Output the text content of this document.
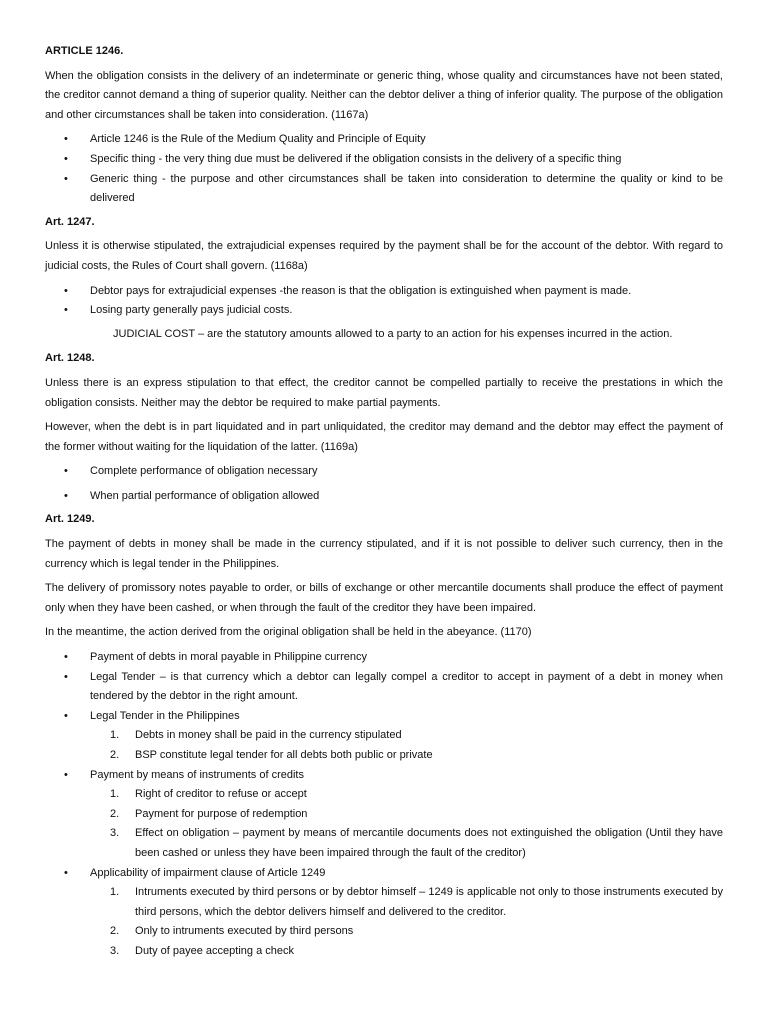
ARTICLE 1246.

When the obligation consists in the delivery of an indeterminate or generic thing, whose quality and circumstances have not been stated, the creditor cannot demand a thing of superior quality. Neither can the debtor deliver a thing of inferior quality. The purpose of the obligation and other circumstances shall be taken into consideration. (1167a)

• Article 1246 is the Rule of the Medium Quality and Principle of Equity
• Specific thing - the very thing due must be delivered if the obligation consists in the delivery of a specific thing
• Generic thing - the purpose and other circumstances shall be taken into consideration to determine the quality or kind to be delivered
Art. 1247.

Unless it is otherwise stipulated, the extrajudicial expenses required by the payment shall be for the account of the debtor. With regard to judicial costs, the Rules of Court shall govern. (1168a)

• Debtor pays for extrajudicial expenses -the reason is that the obligation is extinguished when payment is made.
• Losing party generally pays judicial costs.

JUDICIAL COST – are the statutory amounts allowed to a party to an action for his expenses incurred in the action.

Art. 1248.

Unless there is an express stipulation to that effect, the creditor cannot be compelled partially to receive the prestations in which the obligation consists. Neither may the debtor be required to make partial payments.

However, when the debt is in part liquidated and in part unliquidated, the creditor may demand and the debtor may effect the payment of the former without waiting for the liquidation of the latter. (1169a)

• Complete performance of obligation necessary
• When partial performance of obligation allowed
Art. 1249.

The payment of debts in money shall be made in the currency stipulated, and if it is not possible to deliver such currency, then in the currency which is legal tender in the Philippines.

The delivery of promissory notes payable to order, or bills of exchange or other mercantile documents shall produce the effect of payment only when they have been cashed, or when through the fault of the creditor they have been impaired.

In the meantime, the action derived from the original obligation shall be held in the abeyance. (1170)

• Payment of debts in moral payable in Philippine currency
• Legal Tender – is that currency which a debtor can legally compel a creditor to accept in payment of a debt in money when tendered by the debtor in the right amount.
• Legal Tender in the Philippines
1. Debts in money shall be paid in the currency stipulated
2. BSP constitute legal tender for all debts both public or private
• Payment by means of instruments of credits
1. Right of creditor to refuse or accept
2. Payment for purpose of redemption
3. Effect on obligation – payment by means of mercantile documents does not extinguished the obligation (Until they have been cashed or unless they have been impaired through the fault of the creditor)
• Applicability of impairment clause of Article 1249
1. Intruments executed by third persons or by debtor himself – 1249 is applicable not only to those instruments executed by third persons, which the debtor delivers himself and delivered to the creditor.
2. Only to intruments executed by third persons
3. Duty of payee accepting a check
